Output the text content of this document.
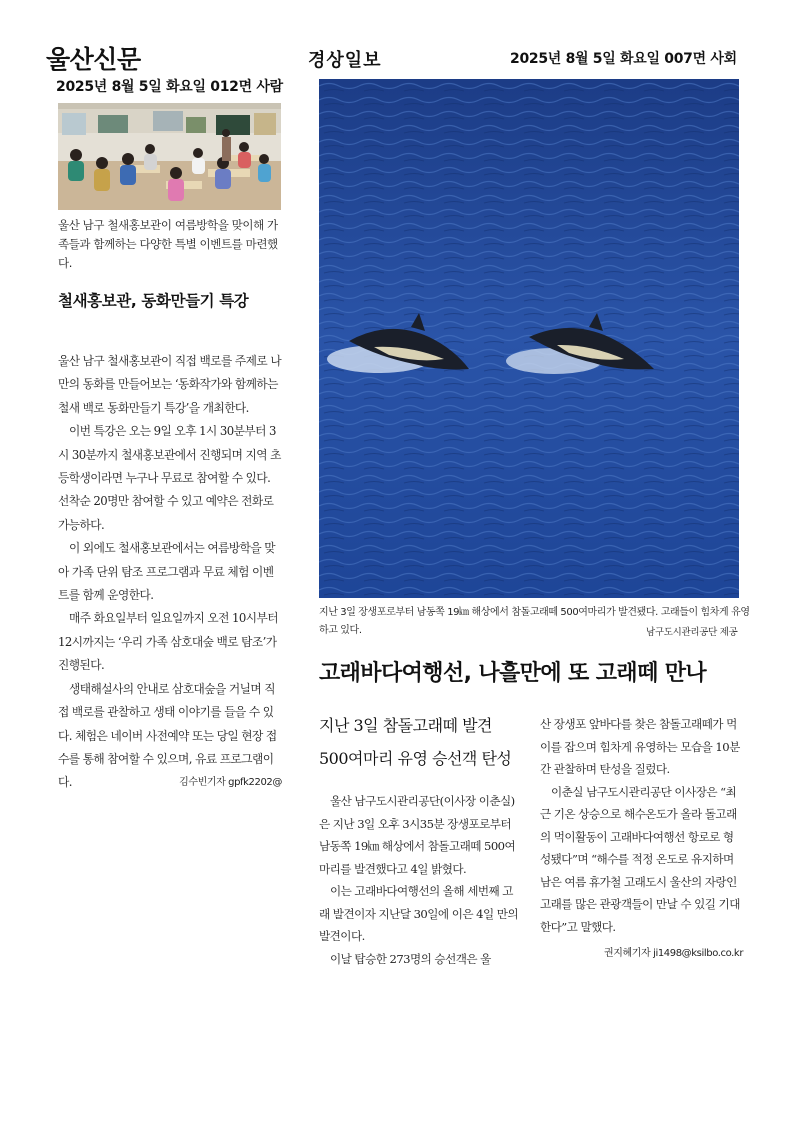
울산신문
2025년 8월 5일 화요일 012면 사람
경상일보	2025년 8월 5일 화요일 007면 사회
울산 남구 철새홍보관이 여름방학을 맞이해 가족들과 함께하는 다양한 특별 이벤트를 마련했다.
철새홍보관, 동화만들기 특강

울산 남구 철새홍보관이 직접 백로를 주제로 나만의 동화를 만들어보는 ‘동화작가와 함께하는 철새 백로 동화만들기 특강’을 개최한다.

이번 특강은 오는 9일 오후 1시 30분부터 3시 30분까지 철새홍보관에서 진행되며 지역 초등학생이라면 누구나 무료로 참여할 수 있다. 선착순 20명만 참여할 수 있고 예약은 전화로 가능하다.

이 외에도 철새홍보관에서는 여름방학을 맞아 가족 단위 탐조 프로그램과 무료 체험 이벤트를 함께 운영한다.

매주 화요일부터 일요일까지 오전 10시부터 12시까지는 ‘우리 가족 삼호대숲 백로 탐조’가 진행된다.

생태해설사의 안내로 삼호대숲을 거닐며 직접 백로를 관찰하고 생태 이야기를 들을 수 있다. 체험은 네이버 사전예약 또는 당일 현장 접수를 통해 참여할 수 있으며, 유료 프로그램이다.	김수빈기자 gpfk2202@

지난 3일 장생포로부터 남동쪽 19㎞ 해상에서 참돌고래떼 500여마리가 발견됐다. 고래들이 힘차게 유영하고 있다.	남구도시관리공단 제공
고래바다여행선, 나흘만에 또 고래떼 만나
지난 3일 참돌고래떼 발견
500여마리 유영 승선객 탄성

울산 남구도시관리공단(이사장 이춘실)은 지난 3일 오후 3시35분 장생포로부터 남동쪽 19㎞ 해상에서 참돌고래떼 500여마리를 발견했다고 4일 밝혔다.

이는 고래바다여행선의 올해 세번째 고래 발견이자 지난달 30일에 이은 4일 만의 발견이다.

이날 탑승한 273명의 승선객은 울

산 장생포 앞바다를 찾은 참돌고래떼가 먹이를 잡으며 힘차게 유영하는 모습을 10분간 관찰하며 탄성을 질렀다.

이춘실 남구도시관리공단 이사장은 “최근 기온 상승으로 해수온도가 올라 돌고래의 먹이활동이 고래바다여행선 항로로 형성됐다”며 “해수를 적정 온도로 유지하며 남은 여름 휴가철 고래도시 울산의 자랑인 고래를 많은 관광객들이 만날 수 있길 기대한다”고 말했다.

권지혜기자 ji1498@ksilbo.co.kr
